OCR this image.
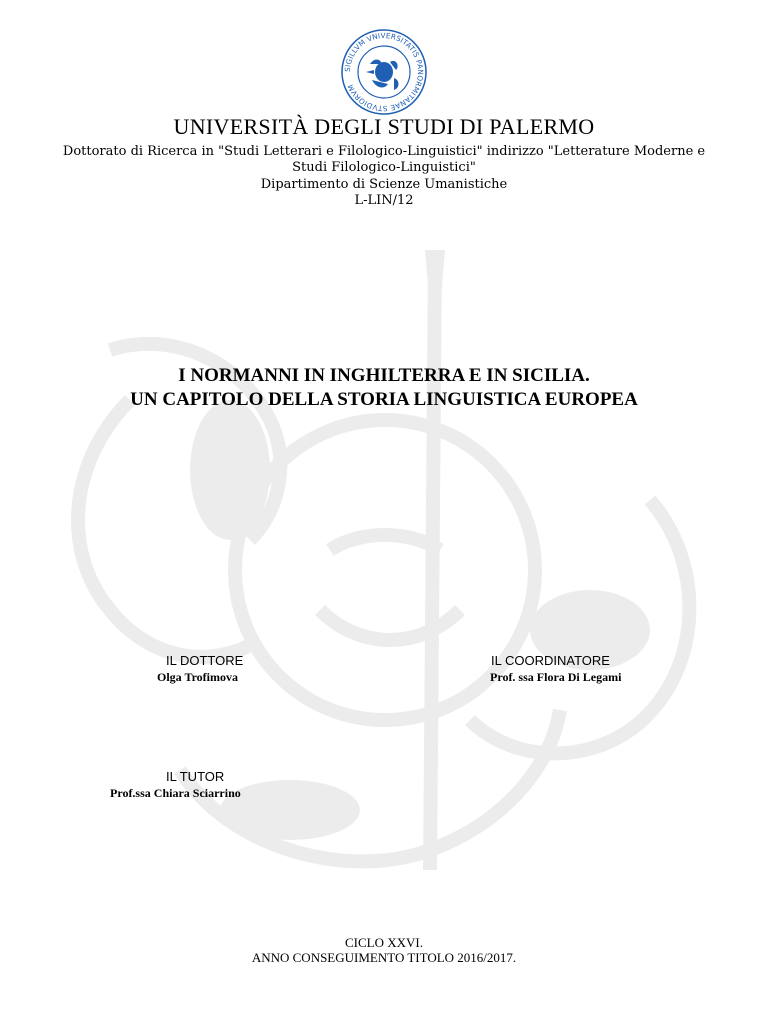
SIGILLVM VNIVERSITATIS PANORMITANAE STVDIORVM
UNIVERSITÀ DEGLI STUDI DI PALERMO
Dottorato di Ricerca in "Studi Letterari e Filologico-Linguistici" indirizzo "Letterature Moderne e
Studi Filologico-Linguistici"
Dipartimento di Scienze Umanistiche
L-LIN/12
I NORMANNI IN INGHILTERRA E IN SICILIA.
UN CAPITOLO DELLA STORIA LINGUISTICA EUROPEA
IL DOTTORE
Olga Trofimova
IL COORDINATORE
Prof. ssa Flora Di Legami
IL TUTOR
Prof.ssa Chiara Sciarrino
CICLO XXVI.
ANNO CONSEGUIMENTO TITOLO 2016/2017.
